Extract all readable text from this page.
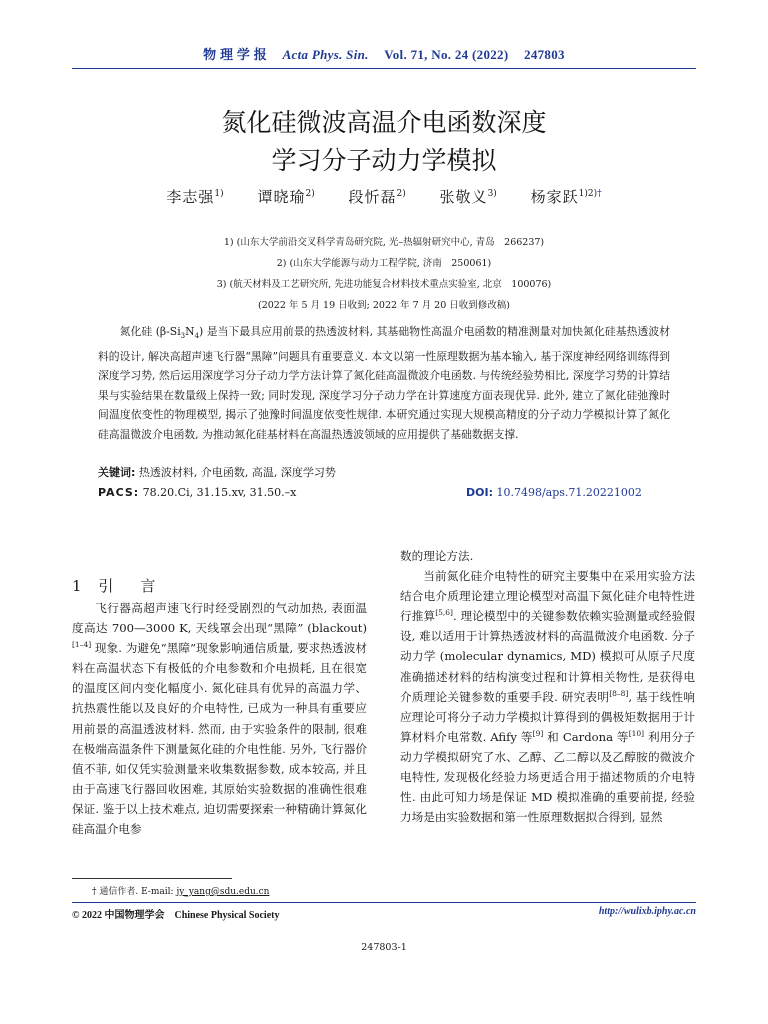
物 理 学 报 Acta Phys. Sin. Vol. 71, No. 24 (2022) 247803
氮化硅微波高温介电函数深度
学习分子动力学模拟
李志强$^{1)}$ 谭晓瑜$^{2)}$ 段忻磊$^{2)}$ 张敬义$^{3)}$ 杨家跃$^{1)2)\dagger}$
1) (山东大学前沿交叉科学青岛研究院, 光–热辐射研究中心, 青岛　266237)
2) (山东大学能源与动力工程学院, 济南　250061)
3) (航天材料及工艺研究所, 先进功能复合材料技术重点实验室, 北京　100076)
(2022 年 5 月 19 日收到; 2022 年 7 月 20 日收到修改稿)
氮化硅 $(\beta-Si_3N_4)$ 是当下最具应用前景的热透波材料, 其基础物性高温介电函数的精准测量对加快氮化硅基热透波材料的设计, 解决高超声速飞行器“黑障”问题具有重要意义. 本文以第一性原理数据为基本输入, 基于深度神经网络训练得到深度学习势, 然后运用深度学习分子动力学方法计算了氮化硅高温微波介电函数. 与传统经验势相比, 深度学习势的计算结果与实验结果在数量级上保持一致; 同时发现, 深度学习分子动力学在计算速度方面表现优异. 此外, 建立了氮化硅弛豫时间温度依变性的物理模型, 揭示了弛豫时间温度依变性规律. 本研究通过实现大规模高精度的分子动力学模拟计算了氮化硅高温微波介电函数, 为推动氮化硅基材料在高温热透波领域的应用提供了基础数据支撑.
关键词: 热透波材料, 介电函数, 高温, 深度学习势
PACS: 78.20.Ci, 31.15.xv, 31.50.–x	DOI: 10.7498/aps.71.20221002
1 引　言

飞行器高超声速飞行时经受剧烈的气动加热, 表面温度高达 700—3000 K, 天线罩会出现“黑障” (blackout)[1–4] 现象. 为避免“黑障”现象影响通信质量, 要求热透波材料在高温状态下有极低的介电参数和介电损耗, 且在很宽的温度区间内变化幅度小. 氮化硅具有优异的高温力学、抗热震性能以及良好的介电特性, 已成为一种具有重要应用前景的高温透波材料. 然而, 由于实验条件的限制, 很难在极端高温条件下测量氮化硅的介电性能. 另外, 飞行器价值不菲, 如仅凭实验测量来收集数据参数, 成本较高, 并且由于高速飞行器回收困难, 其原始实验数据的准确性很难保证. 鉴于以上技术难点, 迫切需要探索一种精确计算氮化硅高温介电参

数的理论方法.

当前氮化硅介电特性的研究主要集中在采用实验方法结合电介质理论建立理论模型对高温下氮化硅介电特性进行推算[5,6]. 理论模型中的关键参数依赖实验测量或经验假设, 难以适用于计算热透波材料的高温微波介电函数. 分子动力学 (molecular dynamics, MD) 模拟可从原子尺度准确描述材料的结构演变过程和计算相关物性, 是获得电介质理论关键参数的重要手段. 研究表明[8–8], 基于线性响应理论可将分子动力学模拟计算得到的偶极矩数据用于计算材料介电常数. Afify 等[9] 和 Cardona 等[10] 利用分子动力学模拟研究了水、乙醇、乙二醇以及乙醇胺的微波介电特性, 发现极化经验力场更适合用于描述物质的介电特性. 由此可知力场是保证 MD 模拟准确的重要前提, 经验力场是由实验数据和第一性原理数据拟合得到, 显然

† 通信作者. E-mail: jy_yang@sdu.edu.cn
© 2022 中国物理学会　Chinese Physical Society	http://wulixb.iphy.ac.cn
247803-1
